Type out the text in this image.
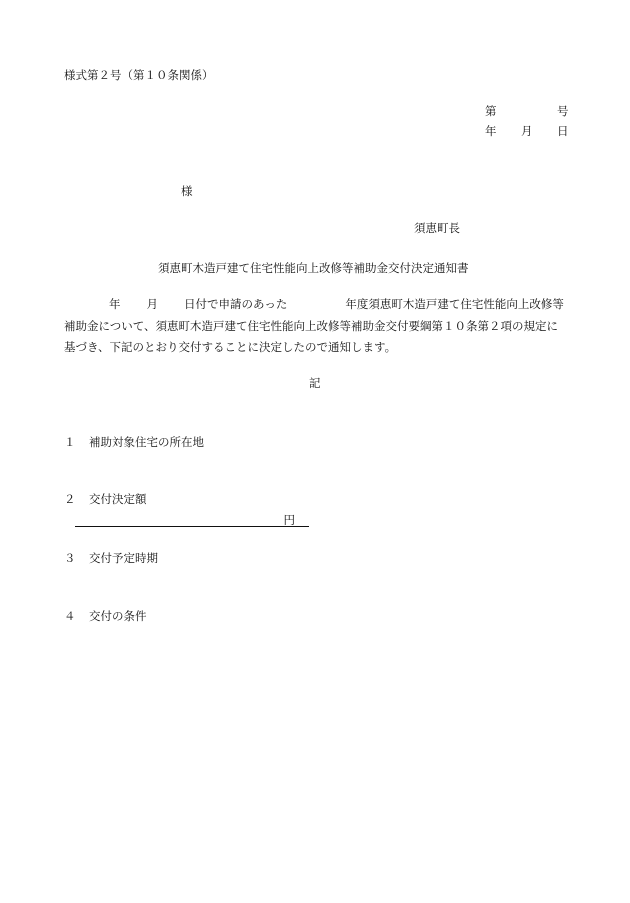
様式第２号（第１０条関係）
第	号
年 月 日
様
須恵町長
須恵町木造戸建て住宅性能向上改修等補助金交付決定通知書
年 月 日付で申請のあった	年度須恵町木造戸建て住宅性能向上改修等
補助金について、須恵町木造戸建て住宅性能向上改修等補助金交付要綱第１０条第２項の規定に
基づき、下記のとおり交付することに決定したので通知します。
記
１ 補助対象住宅の所在地
２ 交付決定額
円
３ 交付予定時期
４ 交付の条件
